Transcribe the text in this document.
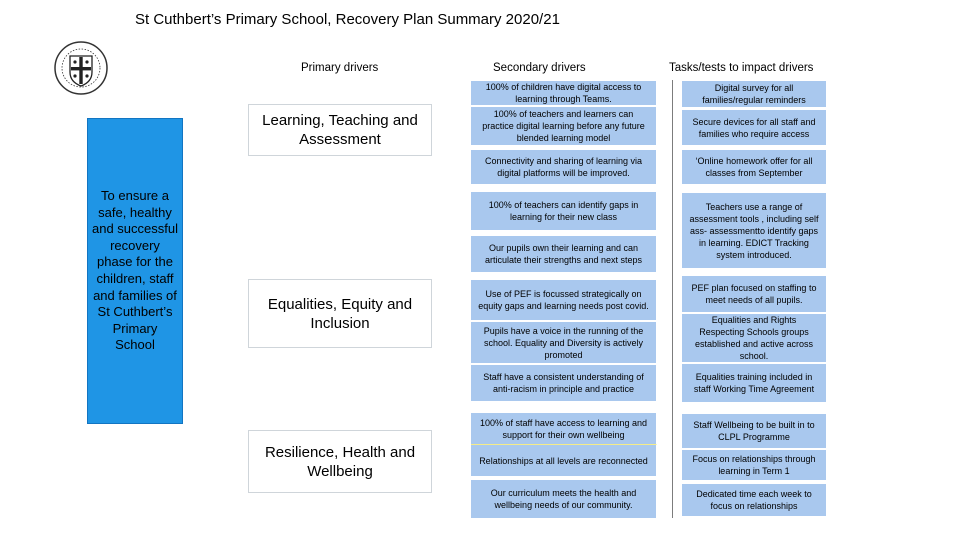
St Cuthbert’s Primary School, Recovery Plan Summary 2020/21
Primary drivers	Secondary drivers	Tasks/tests to impact drivers
To ensure a safe, healthy and successful recovery phase for the children, staff and families of St Cuthbert’s Primary School
Learning, Teaching and Assessment
Equalities, Equity and Inclusion
Resilience, Health and Wellbeing
100% of children have digital access to learning through Teams.
100% of teachers and learners can practice digital learning before any future blended learning model
Connectivity and sharing of learning via digital platforms will be improved.
100% of teachers can identify gaps in learning for their new class
Our pupils own their learning and can articulate their strengths and next steps
Use of PEF is focussed strategically on equity gaps and learning needs post covid.
Pupils have a voice in the running of the school. Equality and Diversity is actively promoted
Staff have a consistent understanding of anti-racism in principle and practice
100% of staff have access to learning and support for their own wellbeing
Relationships at all levels are reconnected
Our curriculum meets the health and wellbeing needs of our community.
Digital survey for all families/regular reminders
Secure devices for all staff and families who require access
‘Online homework offer for all classes from September
Teachers use a range of assessment tools , including self ass- assessmentto identify gaps in learning. EDICT Tracking system introduced.
PEF plan focused on staffing to meet needs of all pupils.
Equalities and Rights Respecting Schools groups established and active across school.
Equalities training included in staff Working Time Agreement
Staff Wellbeing to be built in to CLPL Programme
Focus on relationships through learning in Term 1
Dedicated time each week to focus on relationships
